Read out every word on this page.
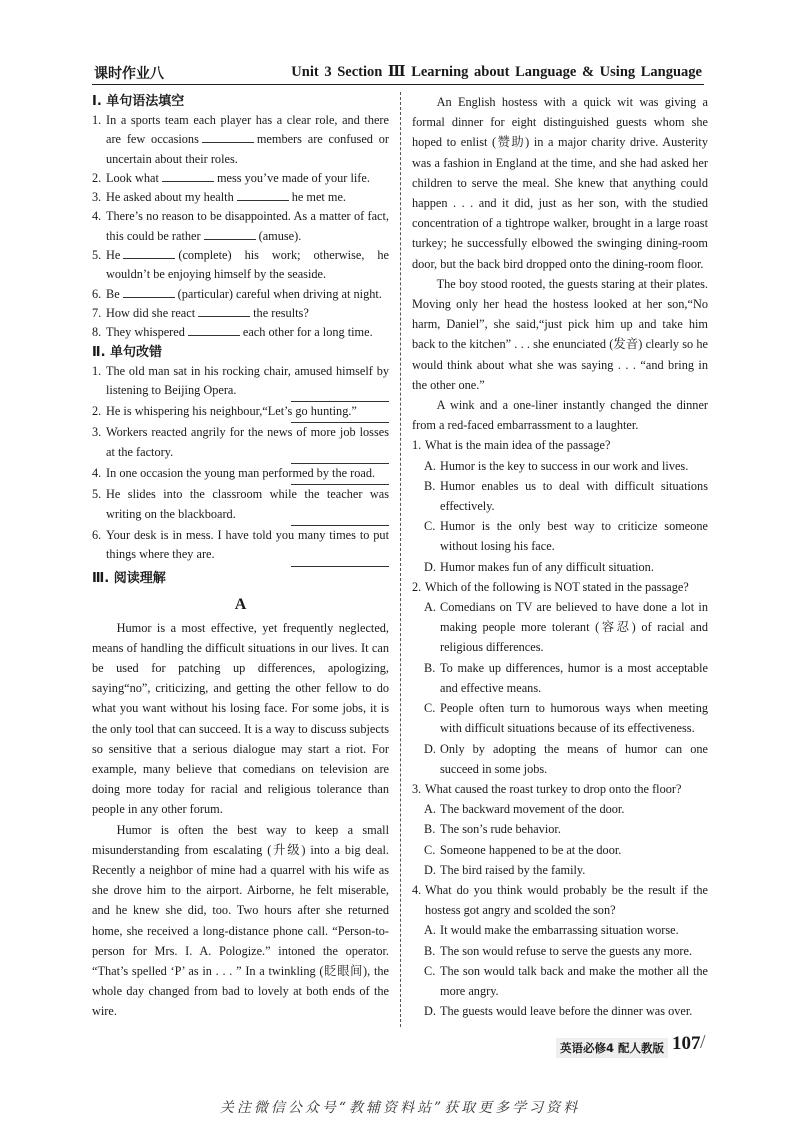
课时作业八	Unit 3 Section Ⅲ Learning about Language & Using Language
Ⅰ. 单句语法填空
1. In a sports team each player has a clear role, and there are few occasions	members are confused or uncertain about their roles.
2. Look what	mess you’ve made of your life.
3. He asked about my health	he met me.
4. There’s no reason to be disappointed. As a matter of fact, this could be rather	(amuse).
5. He	(complete) his work; otherwise, he wouldn’t be enjoying himself by the seaside.
6. Be	(particular) careful when driving at night.
7. How did she react	the results?
8. They whispered	each other for a long time.
Ⅱ. 单句改错
1. The old man sat in his rocking chair, amused himself by listening to Beijing Opera.
2. He is whispering his neighbour,“Let’s go hunting.”
3. Workers reacted angrily for the news of more job losses at the factory.
4. In one occasion the young man performed by the road.
5. He slides into the classroom while the teacher was writing on the blackboard.
6. Your desk is in mess. I have told you many times to put things where they are.
Ⅲ. 阅读理解
A

Humor is a most effective, yet frequently neglected, means of handling the difficult situations in our lives. It can be used for patching up differences, apologizing, saying“no”, criticizing, and getting the other fellow to do what you want without his losing face. For some jobs, it is the only tool that can succeed. It is a way to discuss subjects so sensitive that a serious dialogue may start a riot. For example, many believe that comedians on television are doing more today for racial and religious tolerance than people in any other forum.

Humor is often the best way to keep a small misunderstanding from escalating (升级) into a big deal. Recently a neighbor of mine had a quarrel with his wife as she drove him to the airport. Airborne, he felt miserable, and he knew she did, too. Two hours after she returned home, she received a long-distance phone call. “Person-to-person for Mrs. I. A. Pologize.” intoned the operator. “That’s spelled ‘P’ as in . . . ” In a twinkling (眨眼间), the whole day changed from bad to lovely at both ends of the wire.

An English hostess with a quick wit was giving a formal dinner for eight distinguished guests whom she hoped to enlist (赞助) in a major charity drive. Austerity was a fashion in England at the time, and she had asked her children to serve the meal. She knew that anything could happen . . . and it did, just as her son, with the studied concentration of a tightrope walker, brought in a large roast turkey; he successfully elbowed the swinging dining-room door, but the back bird dropped onto the dining-room floor.

The boy stood rooted, the guests staring at their plates. Moving only her head the hostess looked at her son,“No harm, Daniel”, she said,“just pick him up and take him back to the kitchen” . . . she enunciated (发音) clearly so he would think about what she was saying . . . “and bring in the other one.”

A wink and a one-liner instantly changed the dinner from a red-faced embarrassment to a laughter.

1. What is the main idea of the passage?
A. Humor is the key to success in our work and lives.
B. Humor enables us to deal with difficult situations effectively.
C. Humor is the only best way to criticize someone without losing his face.
D. Humor makes fun of any difficult situation.
2. Which of the following is NOT stated in the passage?
A. Comedians on TV are believed to have done a lot in making people more tolerant (容忍) of racial and religious differences.
B. To make up differences, humor is a most acceptable and effective means.
C. People often turn to humorous ways when meeting with difficult situations because of its effectiveness.
D. Only by adopting the means of humor can one succeed in some jobs.
3. What caused the roast turkey to drop onto the floor?
A. The backward movement of the door.
B. The son’s rude behavior.
C. Someone happened to be at the door.
D. The bird raised by the family.
4. What do you think would probably be the result if the hostess got angry and scolded the son?
A. It would make the embarrassing situation worse.
B. The son would refuse to serve the guests any more.
C. The son would talk back and make the mother all the more angry.
D. The guests would leave before the dinner was over.
英语必修4 配人教版 107 /
关注微信公众号“教辅资料站”获取更多学习资料
